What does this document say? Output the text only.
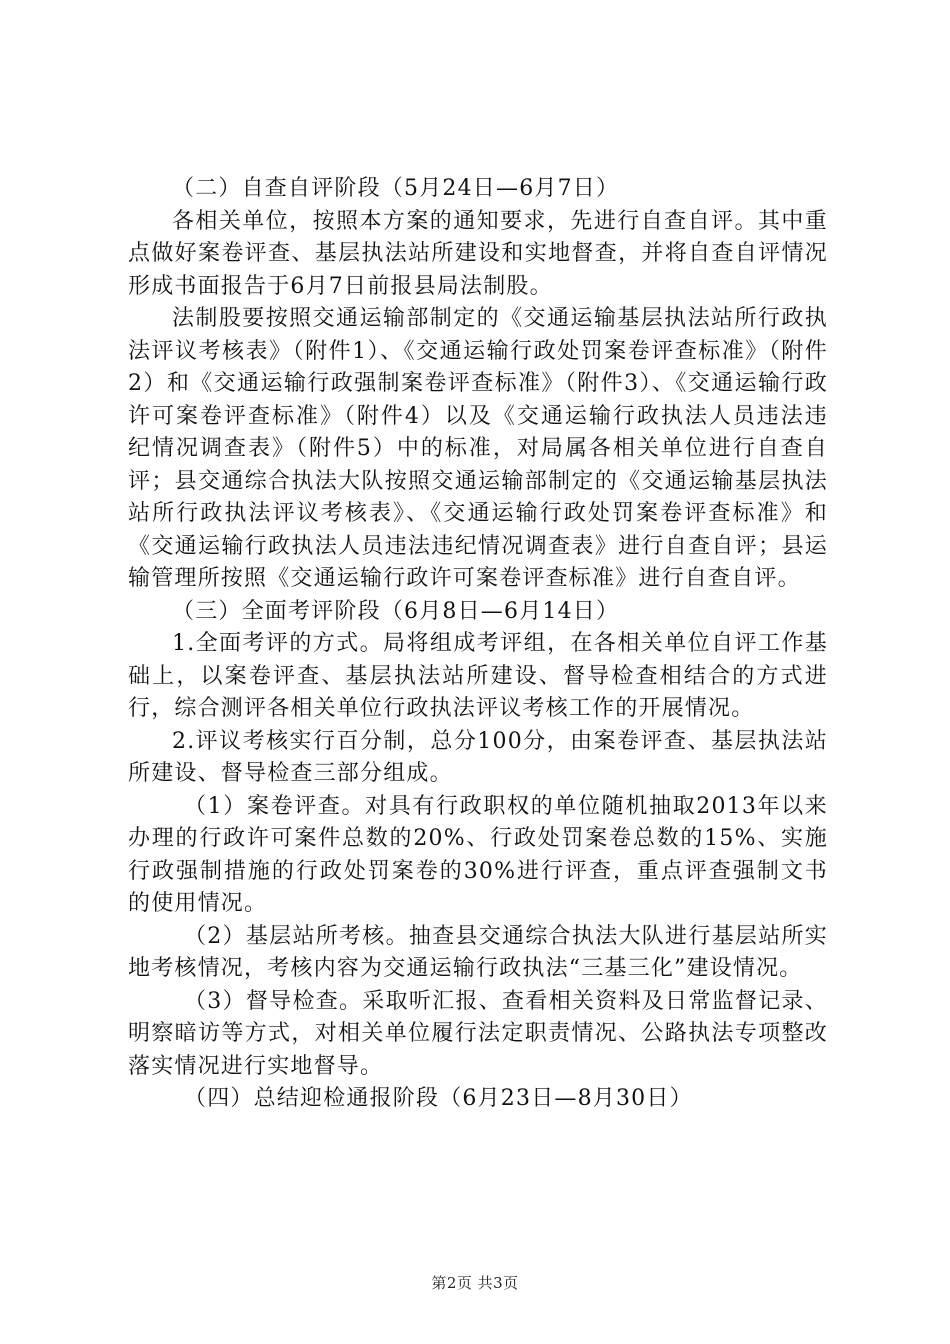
（二）自查自评阶段（5月24日—6月7日）

各相关单位，按照本方案的通知要求，先进行自查自评。其中重点做好案卷评查、基层执法站所建设和实地督查，并将自查自评情况形成书面报告于6月7日前报县局法制股。

法制股要按照交通运输部制定的《交通运输基层执法站所行政执法评议考核表》（附件1）、《交通运输行政处罚案卷评查标准》（附件2）和《交通运输行政强制案卷评查标准》（附件3）、《交通运输行政许可案卷评查标准》（附件4）以及《交通运输行政执法人员违法违纪情况调查表》（附件5）中的标准，对局属各相关单位进行自查自评；县交通综合执法大队按照交通运输部制定的《交通运输基层执法站所行政执法评议考核表》、《交通运输行政处罚案卷评查标准》和《交通运输行政执法人员违法违纪情况调查表》进行自查自评；县运输管理所按照《交通运输行政许可案卷评查标准》进行自查自评。

（三）全面考评阶段（6月8日—6月14日）

1.全面考评的方式。局将组成考评组，在各相关单位自评工作基础上，以案卷评查、基层执法站所建设、督导检查相结合的方式进行，综合测评各相关单位行政执法评议考核工作的开展情况。

2.评议考核实行百分制，总分100分，由案卷评查、基层执法站所建设、督导检查三部分组成。

（1）案卷评查。对具有行政职权的单位随机抽取2013年以来办理的行政许可案件总数的20%、行政处罚案卷总数的15%、实施行政强制措施的行政处罚案卷的30%进行评查，重点评查强制文书的使用情况。

（2）基层站所考核。抽查县交通综合执法大队进行基层站所实地考核情况，考核内容为交通运输行政执法“三基三化”建设情况。

（3）督导检查。采取听汇报、查看相关资料及日常监督记录、明察暗访等方式，对相关单位履行法定职责情况、公路执法专项整改落实情况进行实地督导。

（四）总结迎检通报阶段（6月23日—8月30日）

第2页 共3页
